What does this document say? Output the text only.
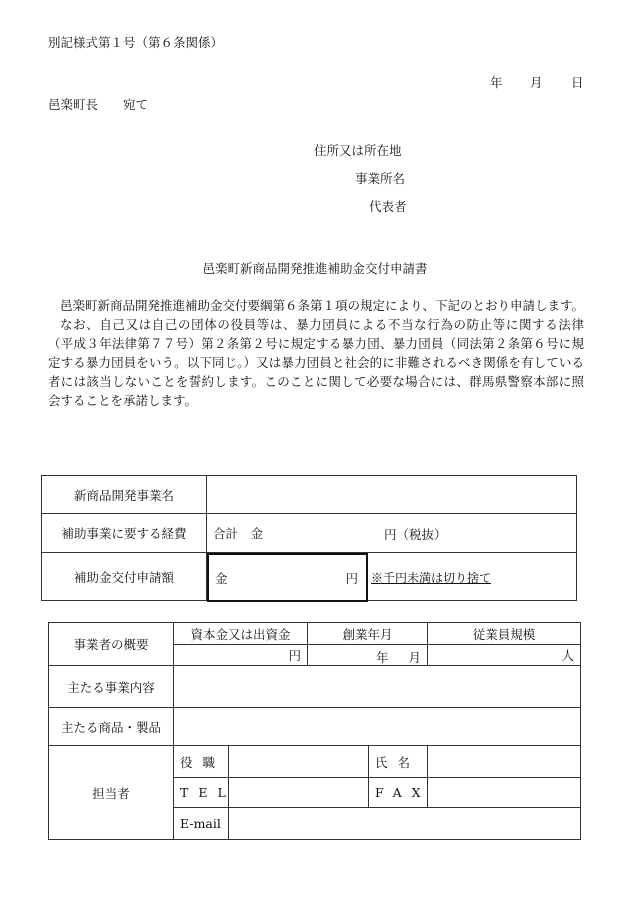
別記様式第１号（第６条関係）
年 月 日
邑楽町長　　宛て
住所又は所在地
事業所名
代表者
邑楽町新商品開発推進補助金交付申請書

邑楽町新商品開発推進補助金交付要綱第６条第１項の規定により、下記のとおり申請します。

なお、自己又は自己の団体の役員等は、暴力団員による不当な行為の防止等に関する法律（平成３年法律第７７号）第２条第２号に規定する暴力団、暴力団員（同法第２条第６号に規定する暴力団員をいう。以下同じ。）又は暴力団員と社会的に非難されるべき関係を有している者には該当しないことを誓約します。このことに関して必要な場合には、群馬県警察本部に照会することを承諾します。

新商品開発事業名	
補助事業に要する経費	合計　金 円（税抜）

補助金交付申請額	金 円 ※千円未満は切り捨て
事業者の概要	資本金又は出資金		創業年月		従業員規模
	円		年 月		人
主たる事業内容					
主たる商品・製品					
担当者	役職			氏名	
	TEL			FAX	
	E-mail				
